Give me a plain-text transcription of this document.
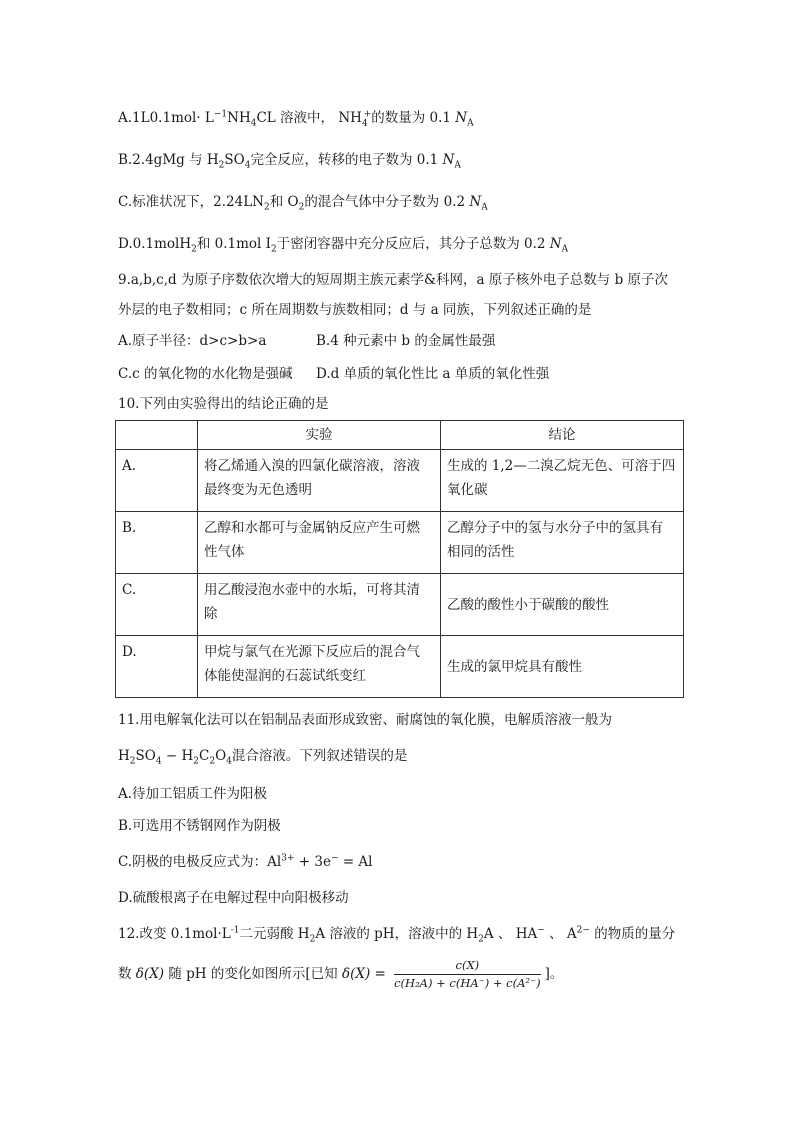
$A.1L0.1mol\cdot L^{-1}NH_4CL$ 溶液中， $NH_4^+$的数量为 0.1 $N_A$
B.2.4gMg 与 $H_2SO_4$完全反应，转移的电子数为 0.1 $N_A$
C.标准状况下，$2.24LN_2$和 $O_2$的混合气体中分子数为 0.2 $N_A$
D.0.1molH$_2$和 0.1mol $I_2$于密闭容器中充分反应后，其分子总数为 0.2 $N_A$
9.a,b,c,d 为原子序数依次增大的短周期主族元素学&科网，a 原子核外电子总数与 b 原子次
外层的电子数相同；c 所在周期数与族数相同；d 与 a 同族，下列叙述正确的是
A.原子半径：d>c>b>a	B.4 种元素中 b 的金属性最强
C.c 的氧化物的水化物是强碱 D.d 单质的氧化性比 a 单质的氧化性强
10.下列由实验得出的结论正确的是
	实验	结论
A.	将乙烯通入溴的四氯化碳溶液，溶液
最终变为无色透明	生成的 1,2—二溴乙烷无色、可溶于四
氧化碳
B.	乙醇和水都可与金属钠反应产生可燃
性气体	乙醇分子中的氢与水分子中的氢具有
相同的活性
C.	用乙酸浸泡水壶中的水垢，可将其清
除	乙酸的酸性小于碳酸的酸性
D.	甲烷与氯气在光源下反应后的混合气
体能使湿润的石蕊试纸变红	生成的氯甲烷具有酸性
11.用电解氧化法可以在铝制品表面形成致密、耐腐蚀的氧化膜，电解质溶液一般为
$H_2SO_4 - H_2C_2O_4$混合溶液。下列叙述错误的是
A.待加工铝质工件为阳极
B.可选用不锈钢网作为阴极
C.阴极的电极反应式为：$Al^{3+} + 3e^- = Al$
D.硫酸根离子在电解过程中向阳极移动
12.改变 $0.1mol\cdot L^{-1}$二元弱酸 $H_2A$ 溶液的 pH，溶液中的 $H_2A$ 、 HA− 、 $A^{2-}$ 的物质的量分
数 δ(X) 随 pH 的变化如图所示[已知 $\delta(X) = \frac{c(X)}{\text{c(H₂A) + c(HA⁻) + c(A²⁻)}}$ ]。
